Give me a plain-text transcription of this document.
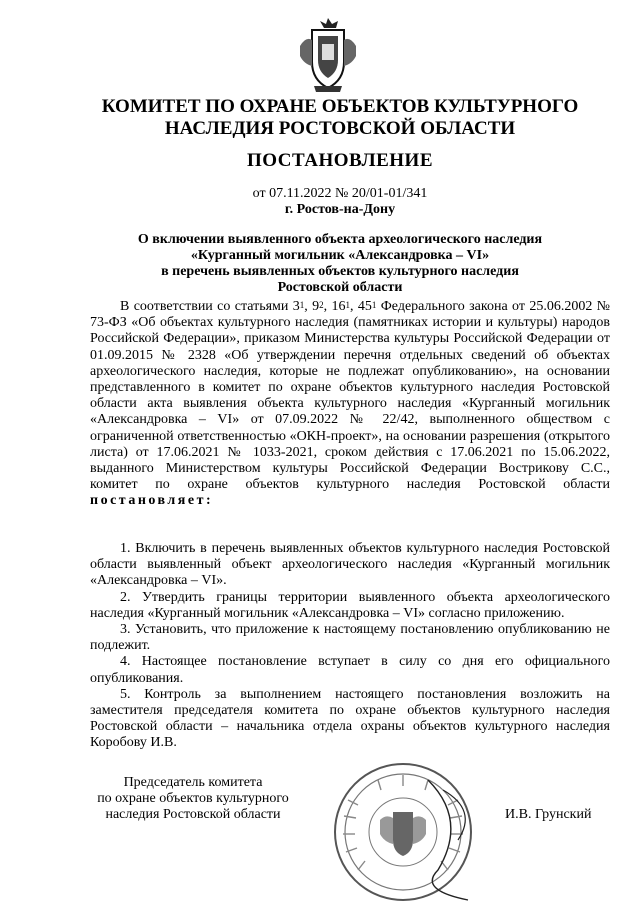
КОМИТЕТ ПО ОХРАНЕ ОБЪЕКТОВ КУЛЬТУРНОГО
НАСЛЕДИЯ РОСТОВСКОЙ ОБЛАСТИ
ПОСТАНОВЛЕНИЕ
от 07.11.2022 № 20/01-01/341
г. Ростов-на-Дону
О включении выявленного объекта археологического наследия
«Курганный могильник «Александровка – VI»
в перечень выявленных объектов культурного наследия
Ростовской области
В соответствии со статьями $3^1$, $9^2$, $16^1$, $45^1$ Федерального закона от 25.06.2002 № 73-ФЗ «Об объектах культурного наследия (памятниках истории и культуры) народов Российской Федерации», приказом Министерства культуры Российской Федерации от 01.09.2015 № 2328 «Об утверждении перечня отдельных сведений об объектах археологического наследия, которые не подлежат опубликованию», на основании представленного в комитет по охране объектов культурного наследия Ростовской области акта выявления объекта культурного наследия «Курганный могильник «Александровка – VI» от 07.09.2022 № 22/42, выполненного обществом с ограниченной ответственностью «ОКН-проект», на основании разрешения (открытого листа) от 17.06.2021 № 1033-2021, сроком действия с 17.06.2021 по 15.06.2022, выданного Министерством культуры Российской Федерации Вострикову С.С., комитет по охране объектов культурного наследия Ростовской области постановляет:
1. Включить в перечень выявленных объектов культурного наследия Ростовской области выявленный объект археологического наследия «Курганный могильник «Александровка – VI».
2. Утвердить границы территории выявленного объекта археологического наследия «Курганный могильник «Александровка – VI» согласно приложению.
3. Установить, что приложение к настоящему постановлению опубликованию не подлежит.
4. Настоящее постановление вступает в силу со дня его официального опубликования.
5. Контроль за выполнением настоящего постановления возложить на заместителя председателя комитета по охране объектов культурного наследия Ростовской области – начальника отдела охраны объектов культурного наследия Коробову И.В.
Председатель комитета
по охране объектов культурного
наследия Ростовской области	И.В. Грунский
